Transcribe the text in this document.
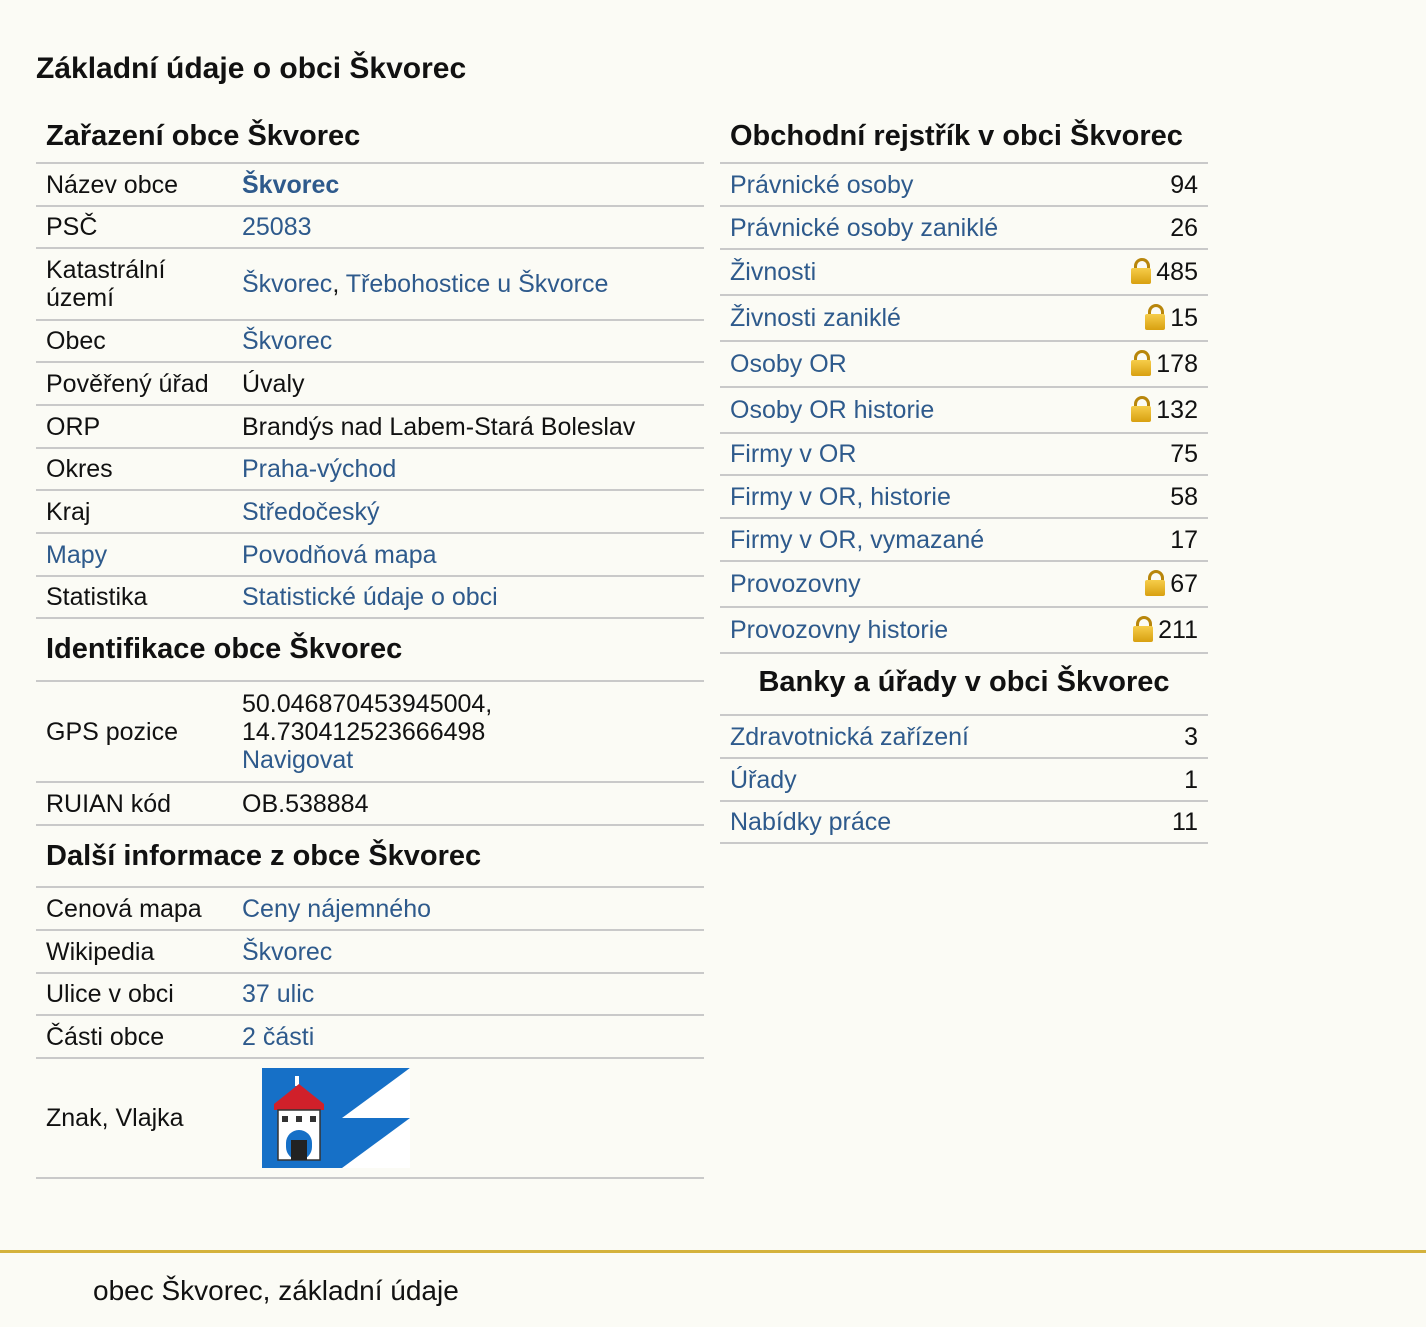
Základní údaje o obci Škvorec
Zařazení obce Škvorec
Název obce	Škvorec
PSČ	25083
Katastrální území	Škvorec, Třebohostice u Škvorce
Obec	Škvorec
Pověřený úřad	Úvaly
ORP	Brandýs nad Labem-Stará Boleslav
Okres	Praha-východ
Kraj	Středočeský
Mapy	Povodňová mapa
Statistika	Statistické údaje o obci
Identifikace obce Škvorec
GPS pozice	50.046870453945004,
14.730412523666498
Navigovat
RUIAN kód	OB.538884
Další informace z obce Škvorec
Cenová mapa	Ceny nájemného
Wikipedia	Škvorec
Ulice v obci	37 ulic
Části obce	2 části
Znak, Vlajka	
Obchodní rejstřík v obci Škvorec
Právnické osoby	94
Právnické osoby zaniklé	26
Živnosti	485
Živnosti zaniklé	15
Osoby OR	178
Osoby OR historie	132
Firmy v OR	75
Firmy v OR, historie	58
Firmy v OR, vymazané	17
Provozovny	67
Provozovny historie	211
Banky a úřady v obci Škvorec
Zdravotnická zařízení	3
Úřady	1
Nabídky práce	11
obec Škvorec, základní údaje
